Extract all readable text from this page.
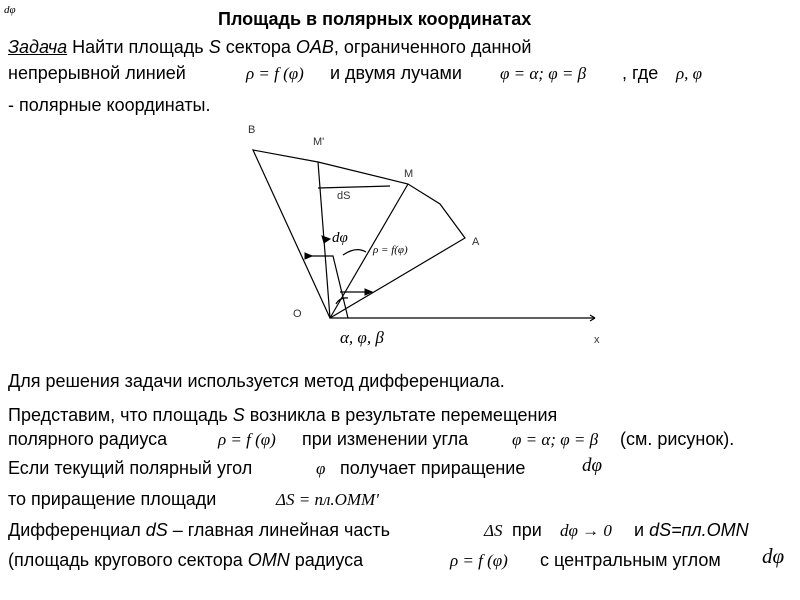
dφ	Площадь в полярных координатах
Задача Найти площадь S сектора OAB, ограниченного данной
непрерывной линией	ρ = f (φ) и двумя лучами φ = α; φ = β , где ρ, φ
- полярные координаты.
B
M'
M
dS
A
O
x
dφ
ρ = f(φ)
α, φ, β
Для решения задачи используется метод дифференциала.
Представим, что площадь S возникла в результате перемещения
полярного радиуса	ρ = f (φ) при изменении угла	φ = α; φ = β (см. рисунок).
Если текущий полярный угол	φ получает приращение	dφ
то приращение площади	ΔS = пл.OMM'
Дифференциал dS – главная линейная часть	ΔS при dφ → 0 и dS=пл.OMN
(площадь кругового сектора OMN радиуса	ρ = f (φ) с центральным углом dφ
